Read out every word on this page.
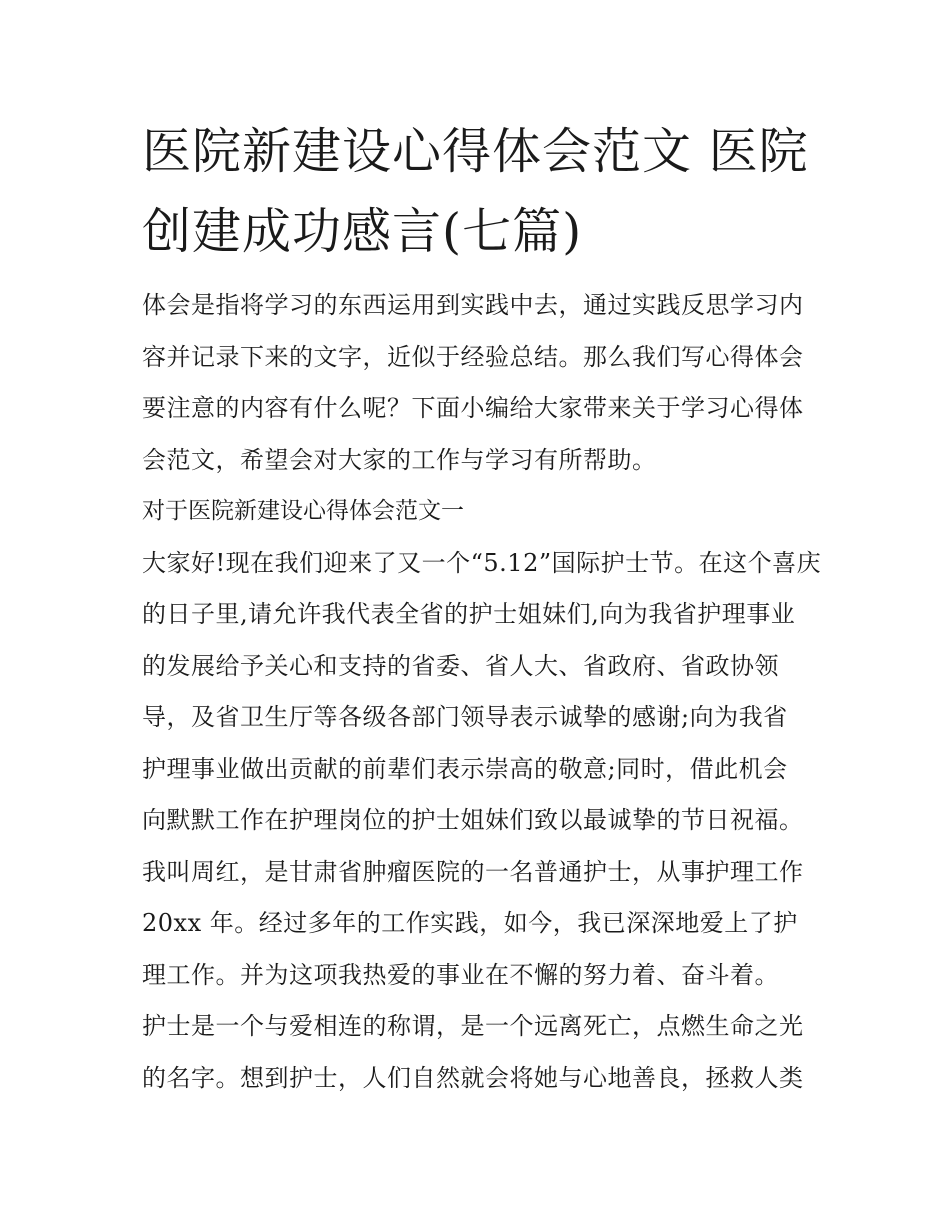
医院新建设心得体会范文 医院
创建成功感言(七篇)
体会是指将学习的东西运用到实践中去，通过实践反思学习内
容并记录下来的文字，近似于经验总结。那么我们写心得体会
要注意的内容有什么呢？下面小编给大家带来关于学习心得体
会范文，希望会对大家的工作与学习有所帮助。
对于医院新建设心得体会范文一
大家好!现在我们迎来了又一个“5.12”国际护士节。在这个喜庆
的日子里,请允许我代表全省的护士姐妹们,向为我省护理事业
的发展给予关心和支持的省委、省人大、省政府、省政协领
导，及省卫生厅等各级各部门领导表示诚挚的感谢;向为我省
护理事业做出贡献的前辈们表示崇高的敬意;同时，借此机会
向默默工作在护理岗位的护士姐妹们致以最诚挚的节日祝福。
我叫周红，是甘肃省肿瘤医院的一名普通护士，从事护理工作
20xx 年。经过多年的工作实践，如今，我已深深地爱上了护
理工作。并为这项我热爱的事业在不懈的努力着、奋斗着。
护士是一个与爱相连的称谓，是一个远离死亡，点燃生命之光
的名字。想到护士，人们自然就会将她与心地善良，拯救人类
